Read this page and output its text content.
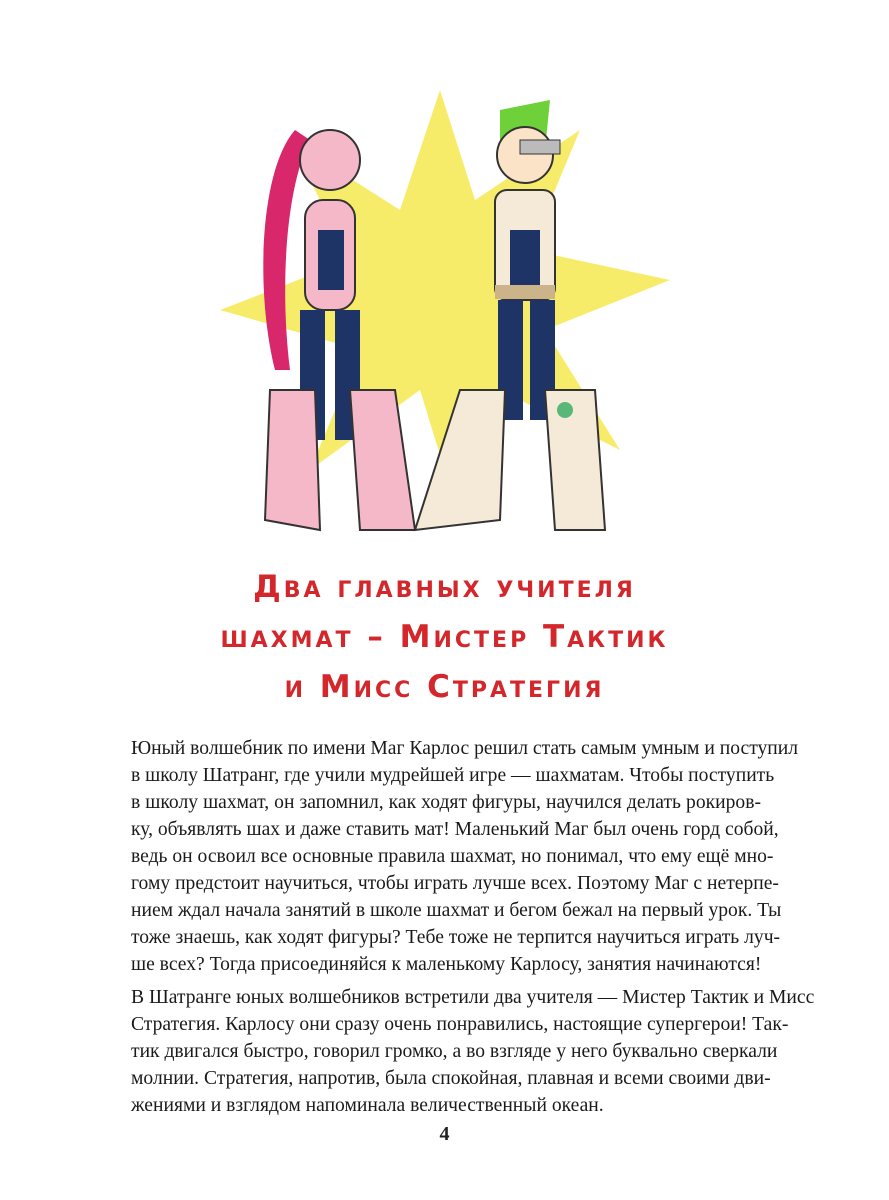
Два главных учителя
шахмат – Мистер Тактик
и Мисс Стратегия
Юный волшебник по имени Маг Карлос решил стать самым умным и поступил
в школу Шатранг, где учили мудрейшей игре — шахматам. Чтобы поступить
в школу шахмат, он запомнил, как ходят фигуры, научился делать рокиров-
ку, объявлять шах и даже ставить мат! Маленький Маг был очень горд собой,
ведь он освоил все основные правила шахмат, но понимал, что ему ещё мно-
гому предстоит научиться, чтобы играть лучше всех. Поэтому Маг с нетерпе-
нием ждал начала занятий в школе шахмат и бегом бежал на первый урок. Ты
тоже знаешь, как ходят фигуры? Тебе тоже не терпится научиться играть луч-
ше всех? Тогда присоединяйся к маленькому Карлосу, занятия начинаются!
В Шатранге юных волшебников встретили два учителя — Мистер Тактик и Мисс
Стратегия. Карлосу они сразу очень понравились, настоящие супергерои! Так-
тик двигался быстро, говорил громко, а во взгляде у него буквально сверкали
молнии. Стратегия, напротив, была спокойная, плавная и всеми своими дви-
жениями и взглядом напоминала величественный океан.
4
